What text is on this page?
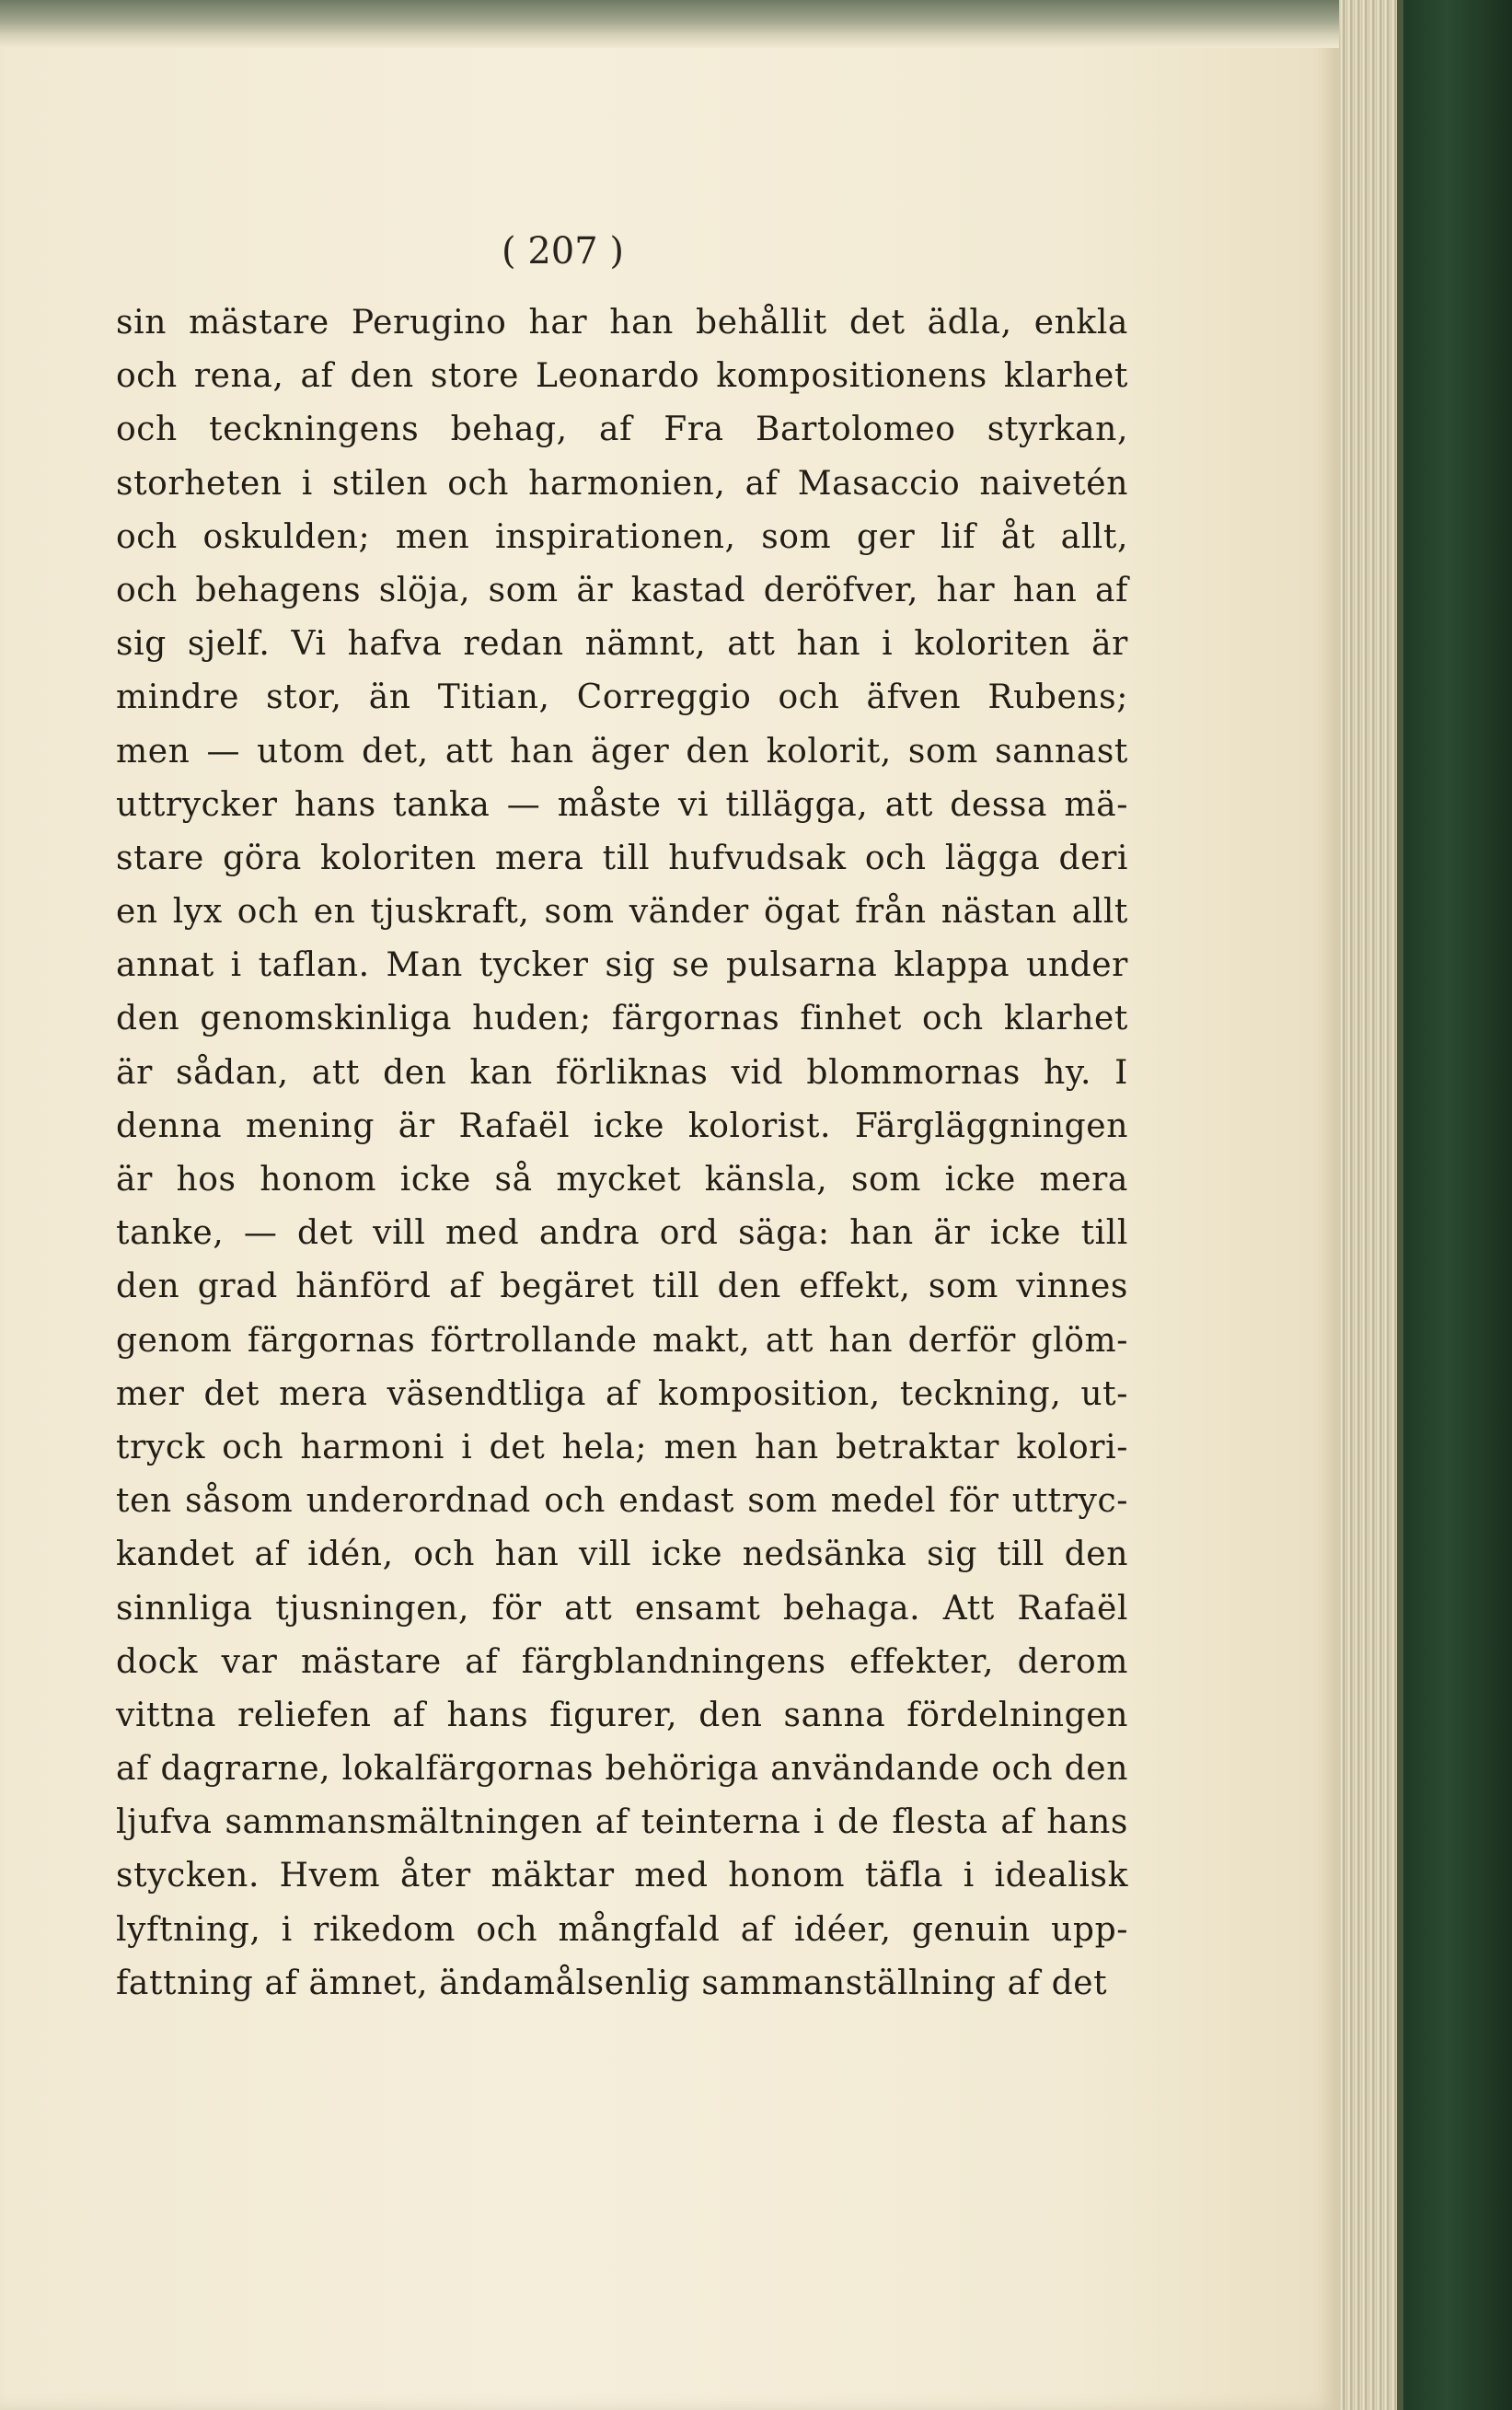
( 207 )
sin mästare Perugino har han behållit det ädla, enkla
och rena, af den store Leonardo kompositionens klarhet
och teckningens behag, af Fra Bartolomeo styrkan,
storheten i stilen och harmonien, af Masaccio naivetén
och oskulden; men inspirationen, som ger lif åt allt,
och behagens slöja, som är kastad deröfver, har han af
sig sjelf. Vi hafva redan nämnt, att han i koloriten är
mindre stor, än Titian, Correggio och äfven Rubens;
men — utom det, att han äger den kolorit, som sannast
uttrycker hans tanka — måste vi tillägga, att dessa mä-
stare göra koloriten mera till hufvudsak och lägga deri
en lyx och en tjuskraft, som vänder ögat från nästan allt
annat i taflan. Man tycker sig se pulsarna klappa under
den genomskinliga huden; färgornas finhet och klarhet
är sådan, att den kan förliknas vid blommornas hy. I
denna mening är Rafaël icke kolorist. Färgläggningen
är hos honom icke så mycket känsla, som icke mera
tanke, — det vill med andra ord säga: han är icke till
den grad hänförd af begäret till den effekt, som vinnes
genom färgornas förtrollande makt, att han derför glöm-
mer det mera väsendtliga af komposition, teckning, ut-
tryck och harmoni i det hela; men han betraktar kolori-
ten såsom underordnad och endast som medel för uttryc-
kandet af idén, och han vill icke nedsänka sig till den
sinnliga tjusningen, för att ensamt behaga. Att Rafaël
dock var mästare af färgblandningens effekter, derom
vittna reliefen af hans figurer, den sanna fördelningen
af dagrarne, lokalfärgornas behöriga användande och den
ljufva sammansmältningen af teinterna i de flesta af hans
stycken. Hvem åter mäktar med honom täfla i idealisk
lyftning, i rikedom och mångfald af idéer, genuin upp-
fattning af ämnet, ändamålsenlig sammanställning af det
